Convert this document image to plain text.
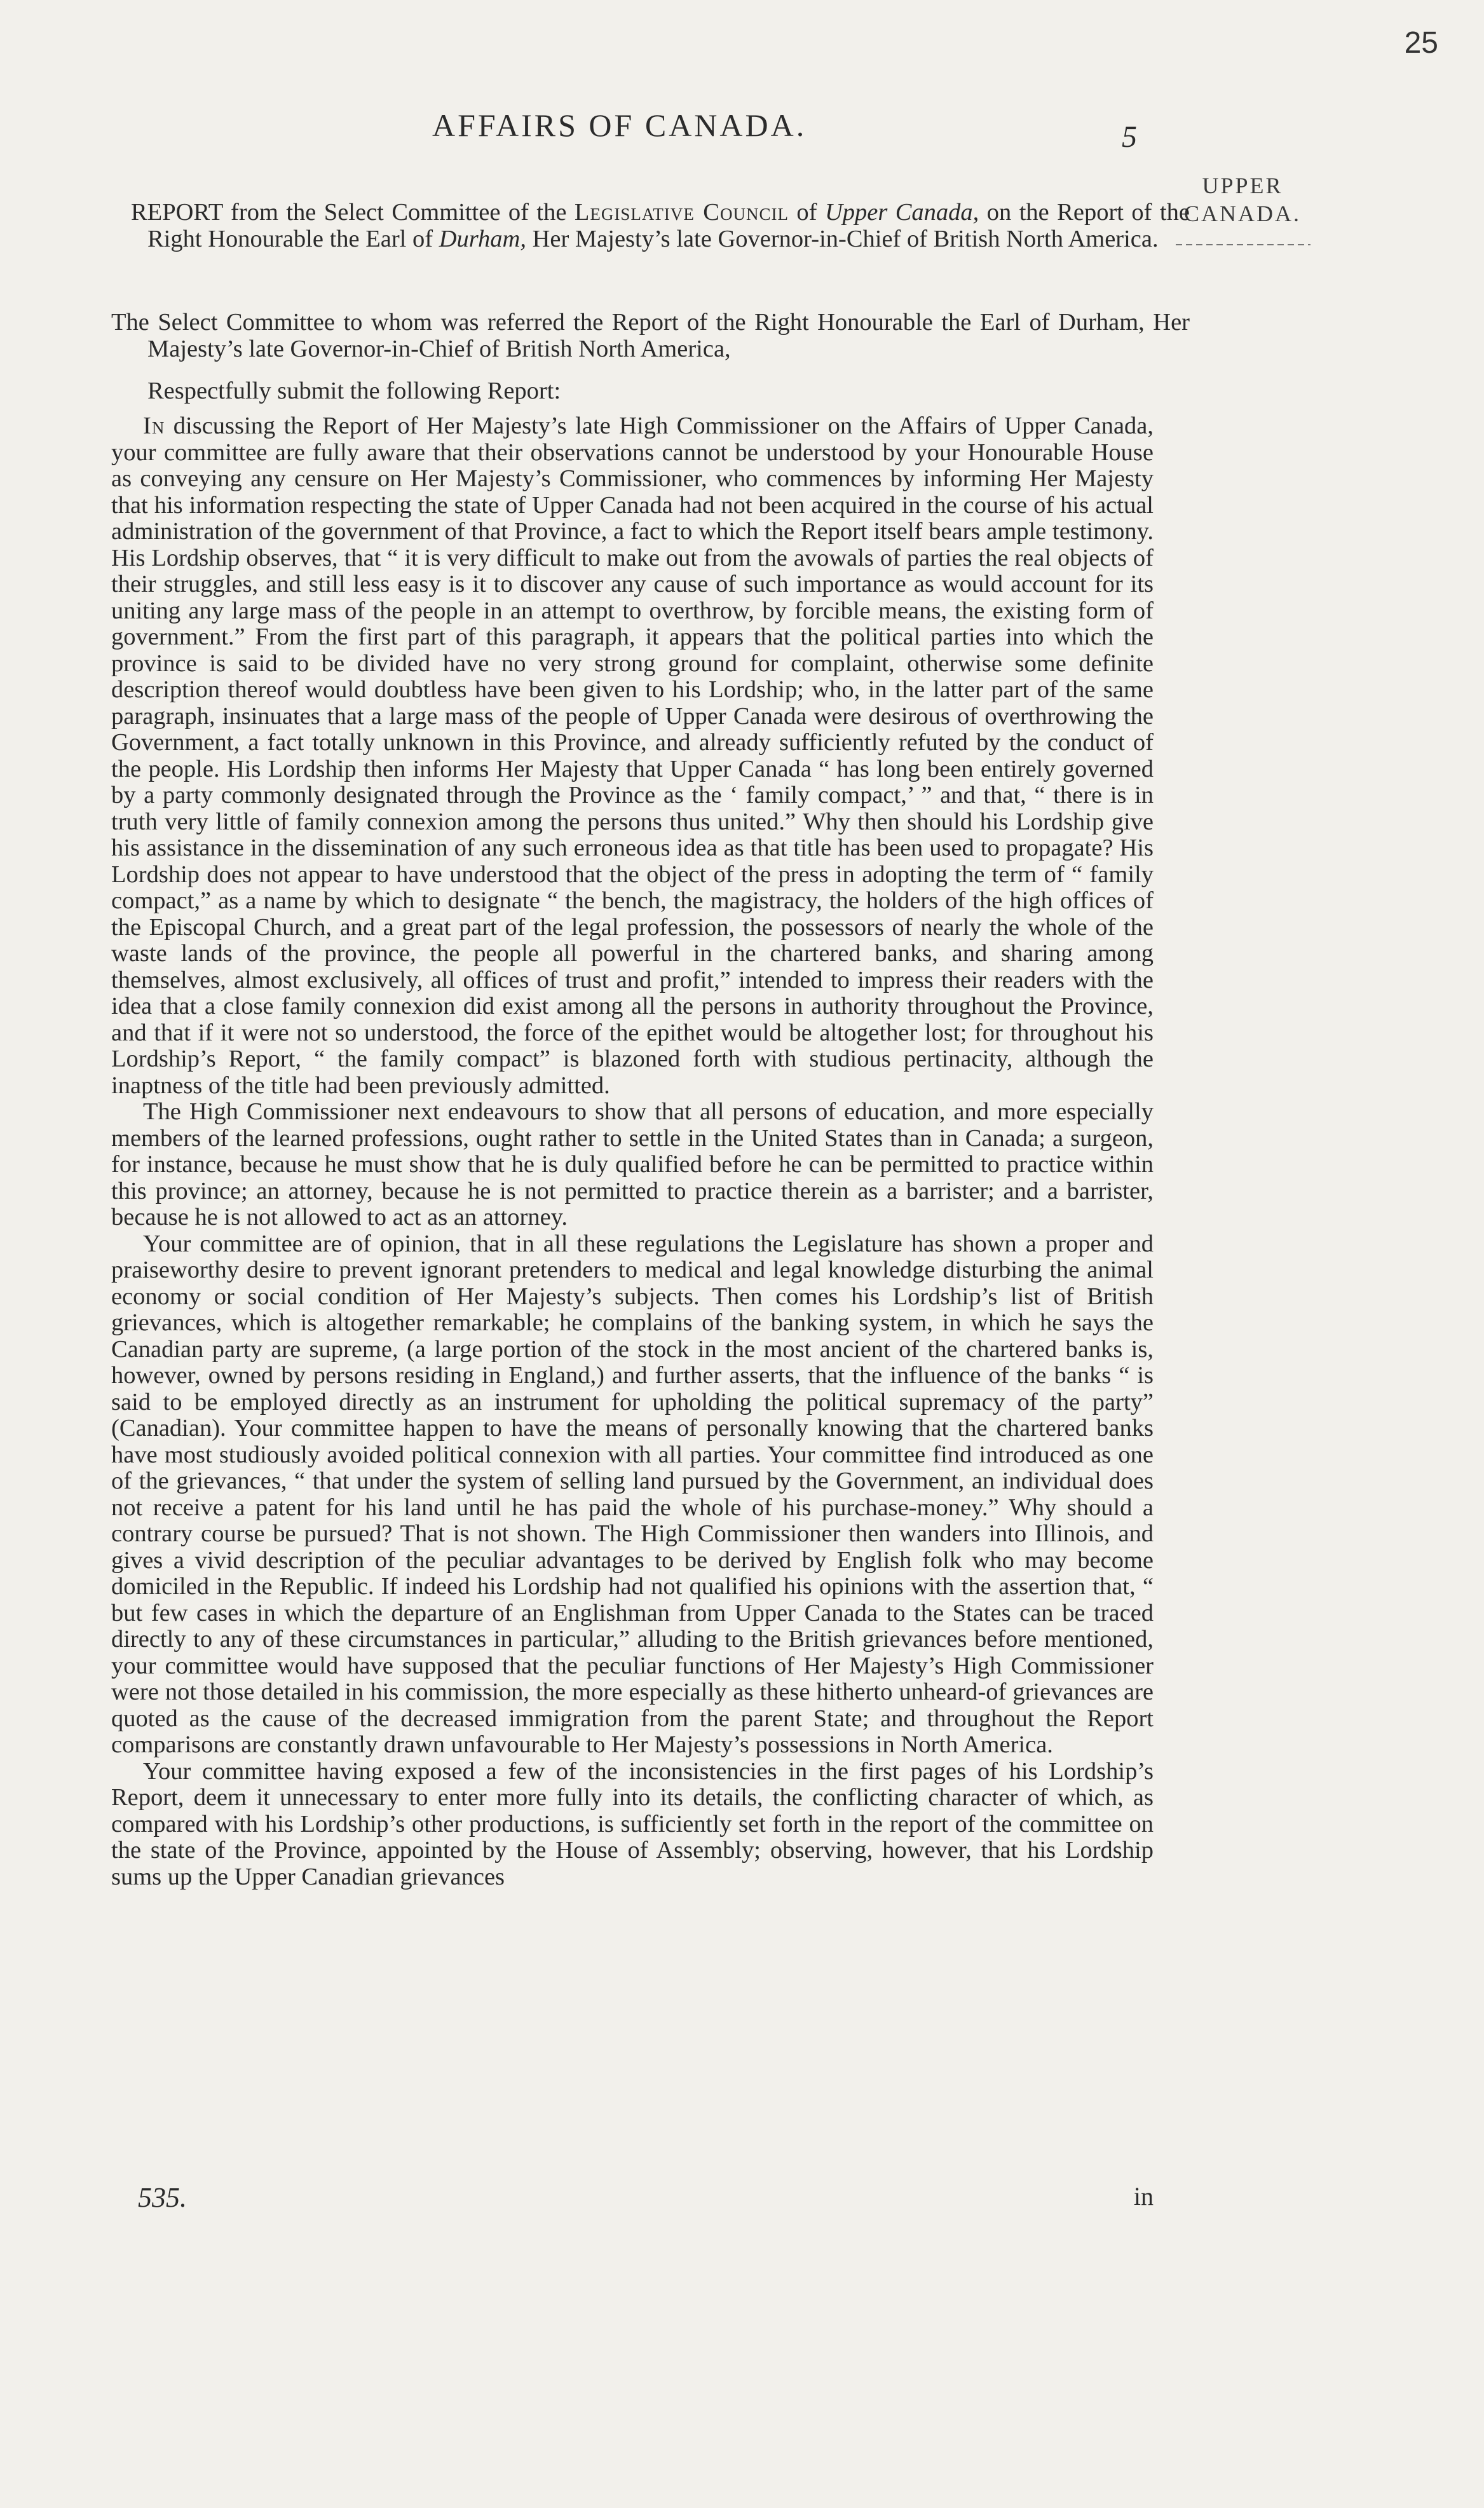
25
AFFAIRS OF CANADA.	5
UPPER CANADA.

REPORT from the Select Committee of the Legislative Council of Upper Canada, on the Report of the Right Honourable the Earl of Durham, Her Majesty’s late Governor-in-Chief of British North America.

The Select Committee to whom was referred the Report of the Right Honourable the Earl of Durham, Her Majesty’s late Governor-in-Chief of British North America,

Respectfully submit the following Report:

In discussing the Report of Her Majesty’s late High Commissioner on the Affairs of Upper Canada, your committee are fully aware that their observations cannot be understood by your Honourable House as conveying any censure on Her Majesty’s Commissioner, who commences by informing Her Majesty that his information respecting the state of Upper Canada had not been acquired in the course of his actual administration of the government of that Province, a fact to which the Report itself bears ample testimony. His Lordship observes, that “ it is very difficult to make out from the avowals of parties the real objects of their struggles, and still less easy is it to discover any cause of such importance as would account for its uniting any large mass of the people in an attempt to overthrow, by forcible means, the existing form of government.” From the first part of this paragraph, it appears that the political parties into which the province is said to be divided have no very strong ground for complaint, otherwise some definite description thereof would doubtless have been given to his Lordship; who, in the latter part of the same paragraph, insinuates that a large mass of the people of Upper Canada were desirous of overthrowing the Government, a fact totally unknown in this Province, and already sufficiently refuted by the conduct of the people. His Lordship then informs Her Majesty that Upper Canada “ has long been entirely governed by a party commonly designated through the Province as the ‘ family compact,’ ” and that, “ there is in truth very little of family connexion among the persons thus united.” Why then should his Lordship give his assistance in the dissemination of any such erroneous idea as that title has been used to propagate? His Lordship does not appear to have understood that the object of the press in adopting the term of “ family compact,” as a name by which to designate “ the bench, the magistracy, the holders of the high offices of the Episcopal Church, and a great part of the legal profession, the possessors of nearly the whole of the waste lands of the province, the people all powerful in the chartered banks, and sharing among themselves, almost exclusively, all offices of trust and profit,” intended to impress their readers with the idea that a close family connexion did exist among all the persons in authority throughout the Province, and that if it were not so understood, the force of the epithet would be altogether lost; for throughout his Lordship’s Report, “ the family compact” is blazoned forth with studious pertinacity, although the inaptness of the title had been previously admitted.

The High Commissioner next endeavours to show that all persons of education, and more especially members of the learned professions, ought rather to settle in the United States than in Canada; a surgeon, for instance, because he must show that he is duly qualified before he can be permitted to practice within this province; an attorney, because he is not permitted to practice therein as a barrister; and a barrister, because he is not allowed to act as an attorney.

Your committee are of opinion, that in all these regulations the Legislature has shown a proper and praiseworthy desire to prevent ignorant pretenders to medical and legal knowledge disturbing the animal economy or social condition of Her Majesty’s subjects. Then comes his Lordship’s list of British grievances, which is altogether remarkable; he complains of the banking system, in which he says the Canadian party are supreme, (a large portion of the stock in the most ancient of the chartered banks is, however, owned by persons residing in England,) and further asserts, that the influence of the banks “ is said to be employed directly as an instrument for upholding the political supremacy of the party” (Canadian). Your committee happen to have the means of personally knowing that the chartered banks have most studiously avoided political connexion with all parties. Your committee find introduced as one of the grievances, “ that under the system of selling land pursued by the Government, an individual does not receive a patent for his land until he has paid the whole of his purchase-money.” Why should a contrary course be pursued? That is not shown. The High Commissioner then wanders into Illinois, and gives a vivid description of the peculiar advantages to be derived by English folk who may become domiciled in the Republic. If indeed his Lordship had not qualified his opinions with the assertion that, “ but few cases in which the departure of an Englishman from Upper Canada to the States can be traced directly to any of these circumstances in particular,” alluding to the British grievances before mentioned, your committee would have supposed that the peculiar functions of Her Majesty’s High Commissioner were not those detailed in his commission, the more especially as these hitherto unheard-of grievances are quoted as the cause of the decreased immigration from the parent State; and throughout the Report comparisons are constantly drawn unfavourable to Her Majesty’s possessions in North America.

Your committee having exposed a few of the inconsistencies in the first pages of his Lordship’s Report, deem it unnecessary to enter more fully into its details, the conflicting character of which, as compared with his Lordship’s other productions, is sufficiently set forth in the report of the committee on the state of the Province, appointed by the House of Assembly; observing, however, that his Lordship sums up the Upper Canadian grievances

535.	in
